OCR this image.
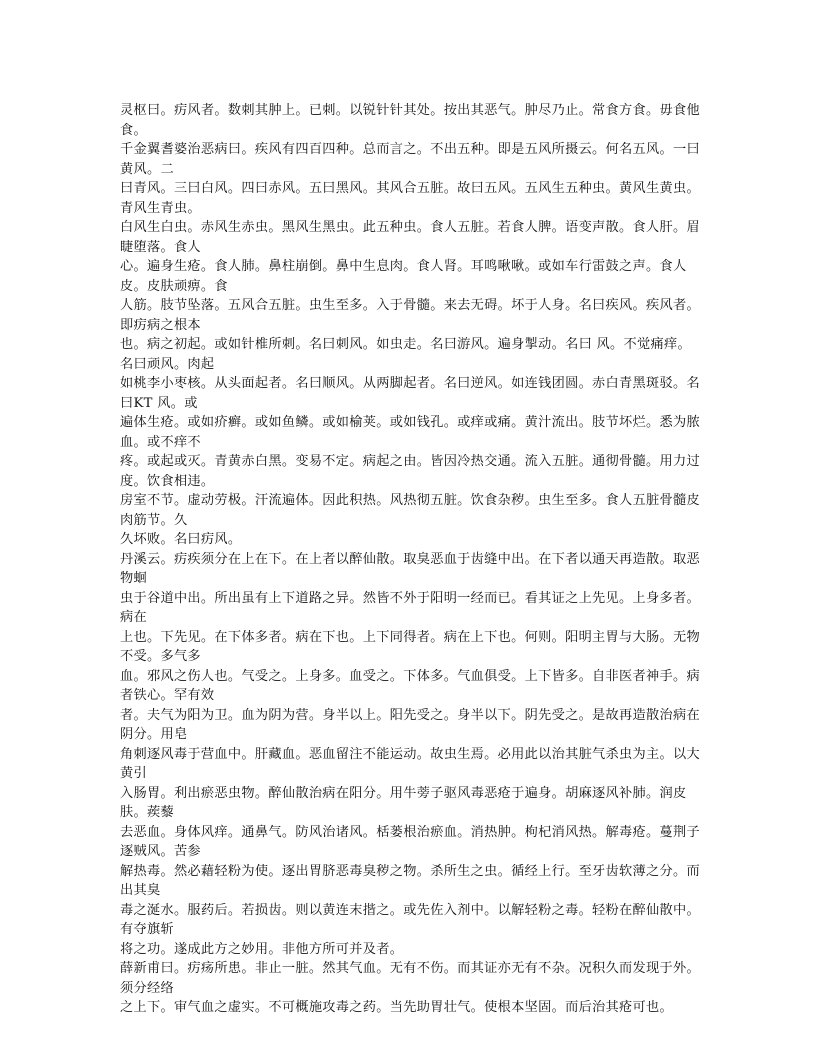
灵枢曰。疠风者。数刺其肿上。已刺。以锐针针其处。按出其恶气。肿尽乃止。常食方食。毋食他食。
千金翼耆婆治恶病曰。疾风有四百四种。总而言之。不出五种。即是五风所摄云。何名五风。一曰黄风。二
曰青风。三曰白风。四曰赤风。五曰黑风。其风合五脏。故曰五风。五风生五种虫。黄风生黄虫。青风生青虫。
白风生白虫。赤风生赤虫。黑风生黑虫。此五种虫。食人五脏。若食人脾。语变声散。食人肝。眉睫堕落。食人
心。遍身生疮。食人肺。鼻柱崩倒。鼻中生息肉。食人肾。耳鸣啾啾。或如车行雷鼓之声。食人皮。皮肤顽痹。食
人筋。肢节坠落。五风合五脏。虫生至多。入于骨髓。来去无碍。坏于人身。名曰疾风。疾风者。即疠病之根本
也。病之初起。或如针椎所刺。名曰刺风。如虫走。名曰游风。遍身掣动。名曰 风。不觉痛痒。名曰顽风。肉起
如桃李小枣核。从头面起者。名曰顺风。从两脚起者。名曰逆风。如连钱团圆。赤白青黑斑驳。名曰KT 风。或
遍体生疮。或如疥癣。或如鱼鳞。或如榆荚。或如钱孔。或痒或痛。黄汁流出。肢节坏烂。悉为脓血。或不痒不
疼。或起或灭。青黄赤白黑。变易不定。病起之由。皆因冷热交通。流入五脏。通彻骨髓。用力过度。饮食相违。
房室不节。虚动劳极。汗流遍体。因此积热。风热彻五脏。饮食杂秽。虫生至多。食人五脏骨髓皮肉筋节。久
久坏败。名曰疠风。
丹溪云。疠疾须分在上在下。在上者以醉仙散。取臭恶血于齿缝中出。在下者以通天再造散。取恶物蛔
虫于谷道中出。所出虽有上下道路之异。然皆不外于阳明一经而已。看其证之上先见。上身多者。病在
上也。下先见。在下体多者。病在下也。上下同得者。病在上下也。何则。阳明主胃与大肠。无物不受。多气多
血。邪风之伤人也。气受之。上身多。血受之。下体多。气血俱受。上下皆多。自非医者神手。病者铁心。罕有效
者。夫气为阳为卫。血为阴为营。身半以上。阳先受之。身半以下。阴先受之。是故再造散治病在阴分。用皂
角刺逐风毒于营血中。肝藏血。恶血留注不能运动。故虫生焉。必用此以治其脏气杀虫为主。以大黄引
入肠胃。利出瘀恶虫物。醉仙散治病在阳分。用牛蒡子驱风毒恶疮于遍身。胡麻逐风补肺。润皮肤。蒺藜
去恶血。身体风痒。通鼻气。防风治诸风。栝蒌根治瘀血。消热肿。枸杞消风热。解毒疮。蔓荆子逐贼风。苦参
解热毒。然必藉轻粉为使。逐出胃脐恶毒臭秽之物。杀所生之虫。循经上行。至牙齿软薄之分。而出其臭
毒之涎水。服药后。若损齿。则以黄连末揩之。或先佐入剂中。以解轻粉之毒。轻粉在醉仙散中。有夺旗斩
将之功。遂成此方之妙用。非他方所可并及者。
薛新甫曰。疠疡所患。非止一脏。然其气血。无有不伤。而其证亦无有不杂。况积久而发现于外。须分经络
之上下。审气血之虚实。不可概施攻毒之药。当先助胃壮气。使根本坚固。而后治其疮可也。
